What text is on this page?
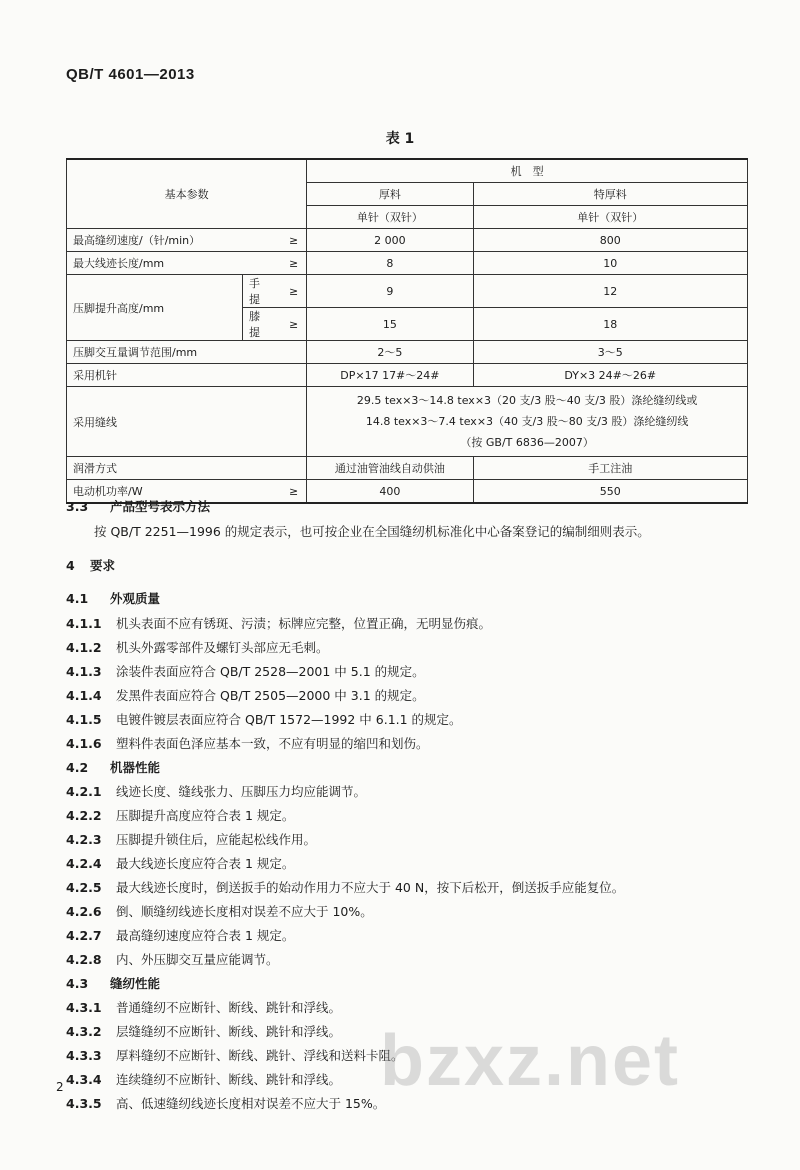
QB/T 4601—2013
表 1
基本参数			机　型	
			厚料	特厚料
			单针（双针）	单针（双针）
最高缝纫速度/（针/min）		≥	2 000	800
最大线迹长度/mm		≥	8	10
压脚提升高度/mm	手提	≥	9	12
	膝提	≥	15	18
压脚交互量调节范围/mm			2～5	3～5
采用机针			DP×17 17#～24#	DY×3 24#～26#
采用缝线			29.5 tex×3～14.8 tex×3（20 支/3 股～40 支/3 股）涤纶缝纫线或
14.8 tex×3～7.4 tex×3（40 支/3 股～80 支/3 股）涤纶缝纫线
（按 GB/T 6836—2007）	

润滑方式			通过油管油线自动供油	手工注油
电动机功率/W		≥	400	550
3.3 产品型号表示方法
按 QB/T 2251—1996 的规定表示，也可按企业在全国缝纫机标准化中心备案登记的编制细则表示。
4 要求
4.1 外观质量
4.1.1 机头表面不应有锈斑、污渍；标牌应完整，位置正确，无明显伤痕。
4.1.2 机头外露零部件及螺钉头部应无毛刺。
4.1.3 涂装件表面应符合 QB/T 2528—2001 中 5.1 的规定。
4.1.4 发黑件表面应符合 QB/T 2505—2000 中 3.1 的规定。
4.1.5 电镀件镀层表面应符合 QB/T 1572—1992 中 6.1.1 的规定。
4.1.6 塑料件表面色泽应基本一致，不应有明显的缩凹和划伤。
4.2 机器性能
4.2.1 线迹长度、缝线张力、压脚压力均应能调节。
4.2.2 压脚提升高度应符合表 1 规定。
4.2.3 压脚提升锁住后，应能起松线作用。
4.2.4 最大线迹长度应符合表 1 规定。
4.2.5 最大线迹长度时，倒送扳手的始动作用力不应大于 40 N，按下后松开，倒送扳手应能复位。
4.2.6 倒、顺缝纫线迹长度相对误差不应大于 10%。
4.2.7 最高缝纫速度应符合表 1 规定。
4.2.8 内、外压脚交互量应能调节。
4.3 缝纫性能
4.3.1 普通缝纫不应断针、断线、跳针和浮线。
4.3.2 层缝缝纫不应断针、断线、跳针和浮线。
4.3.3 厚料缝纫不应断针、断线、跳针、浮线和送料卡阻。
4.3.4 连续缝纫不应断针、断线、跳针和浮线。
4.3.5 高、低速缝纫线迹长度相对误差不应大于 15%。
bzxz.net
2
